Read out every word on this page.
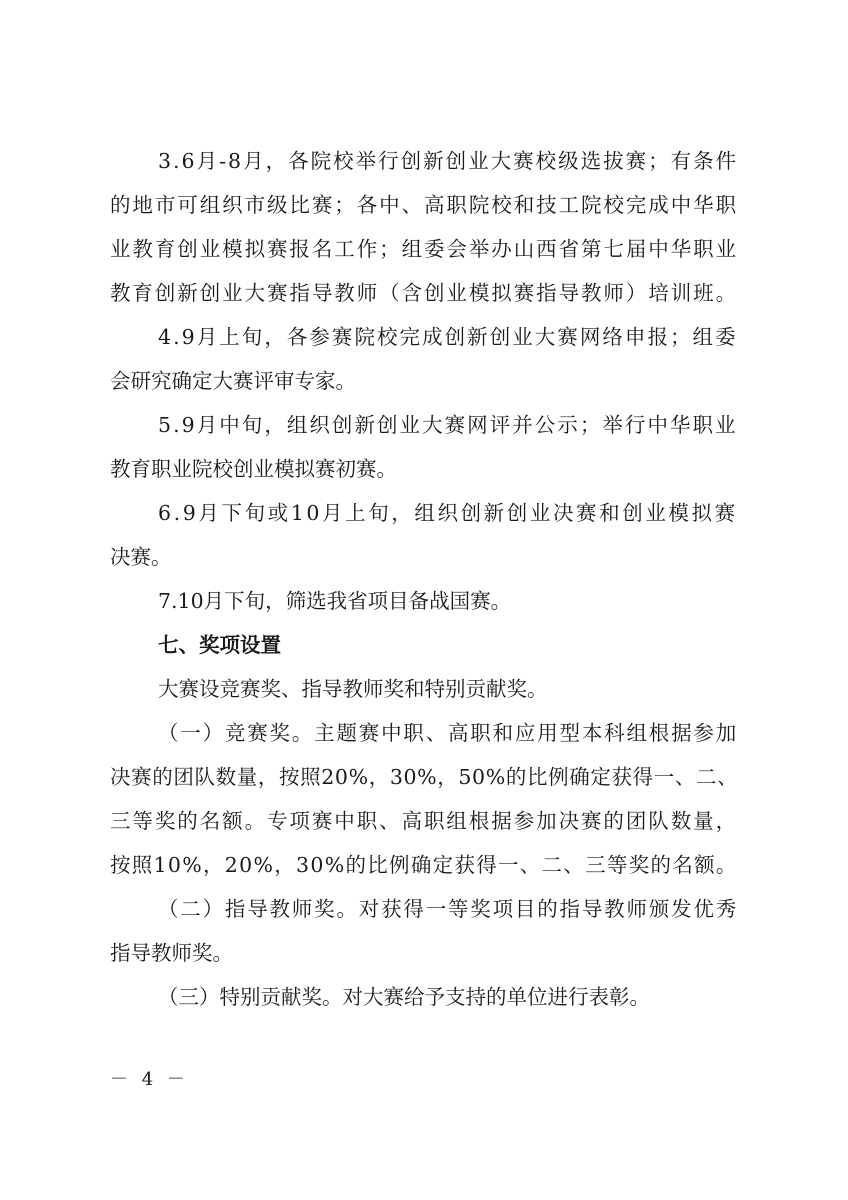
3.6月-8月，各院校举行创新创业大赛校级选拔赛；有条件
的地市可组织市级比赛；各中、高职院校和技工院校完成中华职
业教育创业模拟赛报名工作；组委会举办山西省第七届中华职业
教育创新创业大赛指导教师（含创业模拟赛指导教师）培训班。
4.9月上旬，各参赛院校完成创新创业大赛网络申报；组委
会研究确定大赛评审专家。
5.9月中旬，组织创新创业大赛网评并公示；举行中华职业
教育职业院校创业模拟赛初赛。
6.9月下旬或10月上旬，组织创新创业决赛和创业模拟赛
决赛。
7.10月下旬，筛选我省项目备战国赛。
七、奖项设置
大赛设竞赛奖、指导教师奖和特别贡献奖。
（一）竞赛奖。主题赛中职、高职和应用型本科组根据参加
决赛的团队数量，按照20%，30%，50%的比例确定获得一、二、
三等奖的名额。专项赛中职、高职组根据参加决赛的团队数量，
按照10%，20%，30%的比例确定获得一、二、三等奖的名额。
（二）指导教师奖。对获得一等奖项目的指导教师颁发优秀
指导教师奖。
（三）特别贡献奖。对大赛给予支持的单位进行表彰。
－ 4 －
